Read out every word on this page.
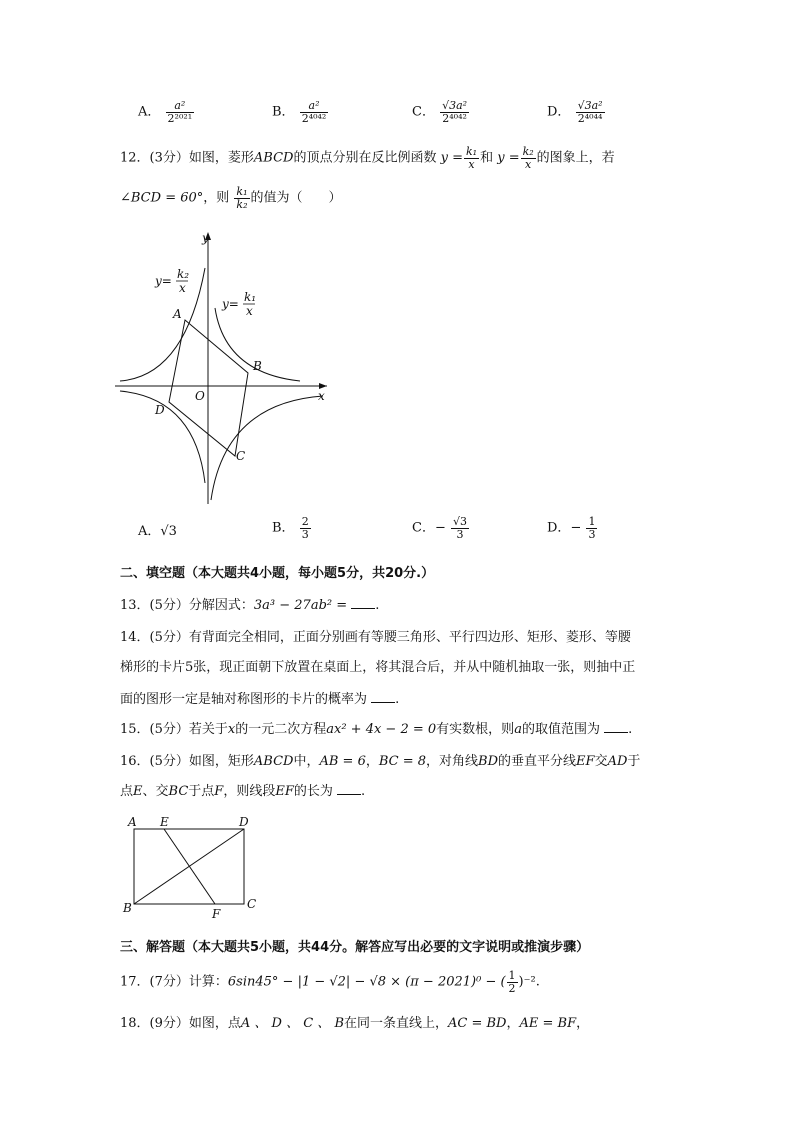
A． $\frac{\text{a²}}{\text{2²⁰²¹}}$	B． $\frac{\text{a²}}{\text{2⁴⁰⁴²}}$	C． $\frac{\text{√3a²}}{\text{2⁴⁰⁴²}}$	D． $\frac{\text{√3a²}}{\text{2⁴⁰⁴⁴}}$
12．(3分）如图，菱形ABCD的顶点分别在反比例函数 $y = \frac{\text{k₁}}{x}$ 和 $y = \frac{\text{k₂}}{x}$ 的图象上，若
∠BCD = 60°，则 $\frac{\text{k₁}}{\text{k₂}}$ 的值为（　　）
y
x
O
A
B
C
D
y= k₂
x
y= k₁
x
A．√3	B． $\frac{2}{3}$	C．− $\frac{√3}{3}$	D．− $\frac{1}{3}$
二、填空题（本大题共4小题，每小题5分，共20分.）
13．(5分）分解因式：3a³ − 27ab² = .
14．(5分）有背面完全相同，正面分别画有等腰三角形、平行四边形、矩形、菱形、等腰
梯形的卡片5张，现正面朝下放置在桌面上，将其混合后，并从中随机抽取一张，则抽中正
面的图形一定是轴对称图形的卡片的概率为 .
15．(5分）若关于x的一元二次方程ax² + 4x − 2 = 0有实数根，则a的取值范围为 .
16．(5分）如图，矩形ABCD中，AB = 6，BC = 8，对角线BD的垂直平分线EF交AD于
点E、交BC于点F，则线段EF的长为 .
A E	D
B	F
C
三、解答题（本大题共5小题，共44分。解答应写出必要的文字说明或推演步骤）
17．(7分）计算：6sin45° − |1 − √2| − √8 × (π − 2021)⁰ − ( $\frac{1}{2} )^{-2}$.
18．(9分）如图，点A 、 D 、 C 、 B在同一条直线上，AC = BD，AE = BF，
